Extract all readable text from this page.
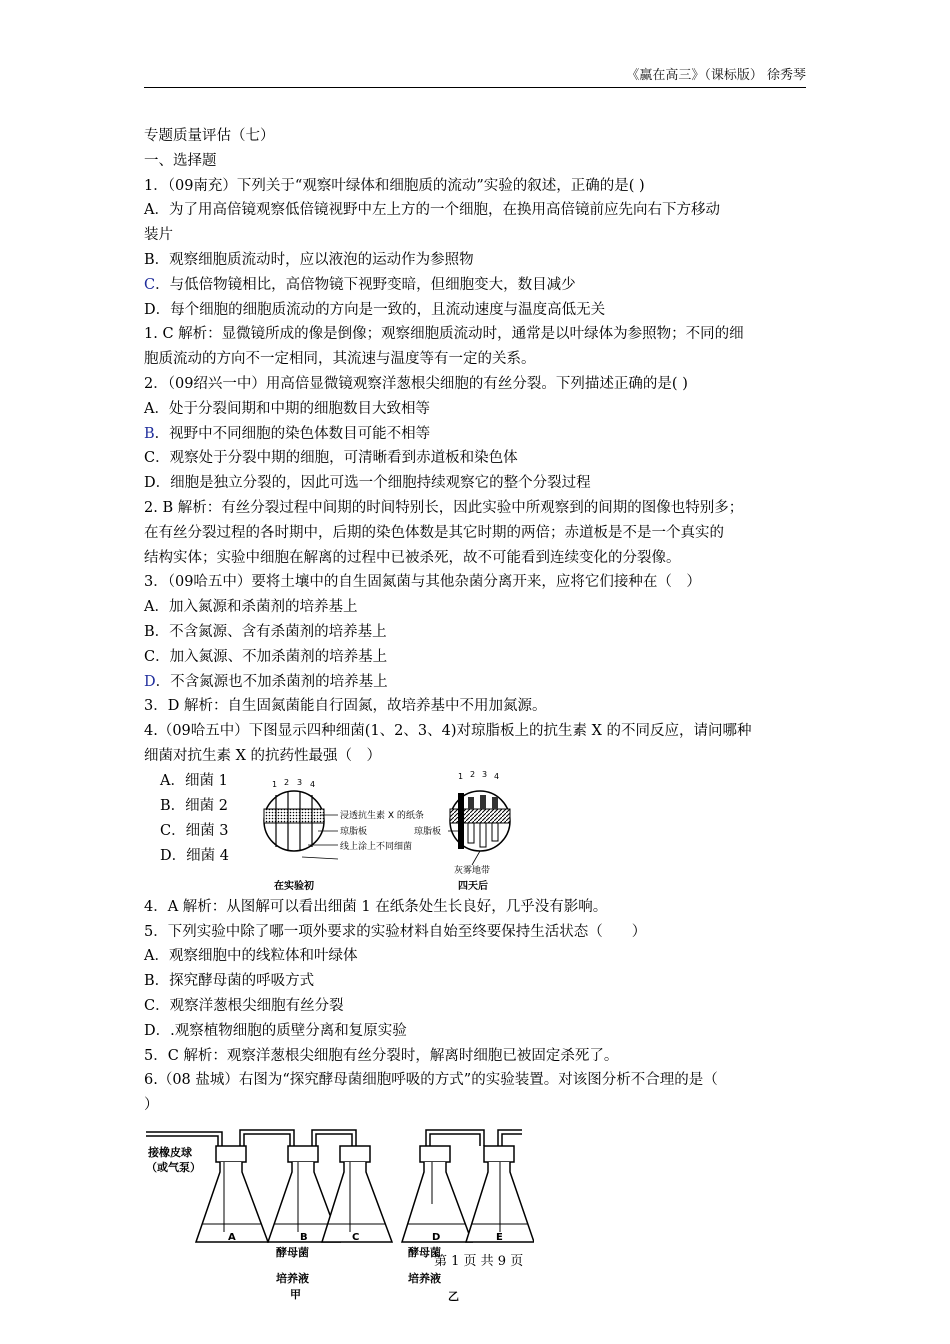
《赢在高三》（课标版） 徐秀琴
专题质量评估（七）
一、选择题
1．（09南充）下列关于“观察叶绿体和细胞质的流动”实验的叙述，正确的是( )
A．为了用高倍镜观察低倍镜视野中左上方的一个细胞，在换用高倍镜前应先向右下方移动
装片
B．观察细胞质流动时，应以液泡的运动作为参照物
C．与低倍物镜相比，高倍物镜下视野变暗，但细胞变大，数目减少
D．每个细胞的细胞质流动的方向是一致的，且流动速度与温度高低无关
1. C 解析：显微镜所成的像是倒像；观察细胞质流动时，通常是以叶绿体为参照物；不同的细
胞质流动的方向不一定相同，其流速与温度等有一定的关系。
2．（09绍兴一中）用高倍显微镜观察洋葱根尖细胞的有丝分裂。下列描述正确的是( )
A．处于分裂间期和中期的细胞数目大致相等
B．视野中不同细胞的染色体数目可能不相等
C．观察处于分裂中期的细胞，可清晰看到赤道板和染色体
D．细胞是独立分裂的，因此可选一个细胞持续观察它的整个分裂过程
2. B 解析：有丝分裂过程中间期的时间特别长，因此实验中所观察到的间期的图像也特别多；
在有丝分裂过程的各时期中，后期的染色体数是其它时期的两倍；赤道板是不是一个真实的
结构实体；实验中细胞在解离的过程中已被杀死，故不可能看到连续变化的分裂像。
3．（09哈五中）要将土壤中的自生固氮菌与其他杂菌分离开来，应将它们接种在（　）
A．加入氮源和杀菌剂的培养基上
B．不含氮源、含有杀菌剂的培养基上
C．加入氮源、不加杀菌剂的培养基上
D．不含氮源也不加杀菌剂的培养基上
3．D 解析：自生固氮菌能自行固氮，故培养基中不用加氮源。
4.（09哈五中）下图显示四种细菌(1、2、3、4)对琼脂板上的抗生素 X 的不同反应，请问哪种
细菌对抗生素 X 的抗药性最强（　）
A．细菌 1
B．细菌 2
C．细菌 3
D．细菌 4
1 2 3 4
浸透抗生素 X 的纸条
琼脂板
线上涂上不同细菌
琼脂板
1 2 3 4
灰雾地带
在实验初	四天后
4．A 解析：从图解可以看出细菌 1 在纸条处生长良好，几乎没有影响。
5．下列实验中除了哪一项外要求的实验材料自始至终要保持生活状态（　　）
A．观察细胞中的线粒体和叶绿体
B．探究酵母菌的呼吸方式
C．观察洋葱根尖细胞有丝分裂
D．.观察植物细胞的质壁分离和复原实验
5．C 解析：观察洋葱根尖细胞有丝分裂时，解离时细胞已被固定杀死了。
6.（08 盐城）右图为“探究酵母菌细胞呼吸的方式”的实验装置。对该图分析不合理的是（
）
接橡皮球
（或气泵）
A	B	C	D	E
酵母菌	酵母菌
培养液
甲
培养液
乙
第 1 页 共 9 页
